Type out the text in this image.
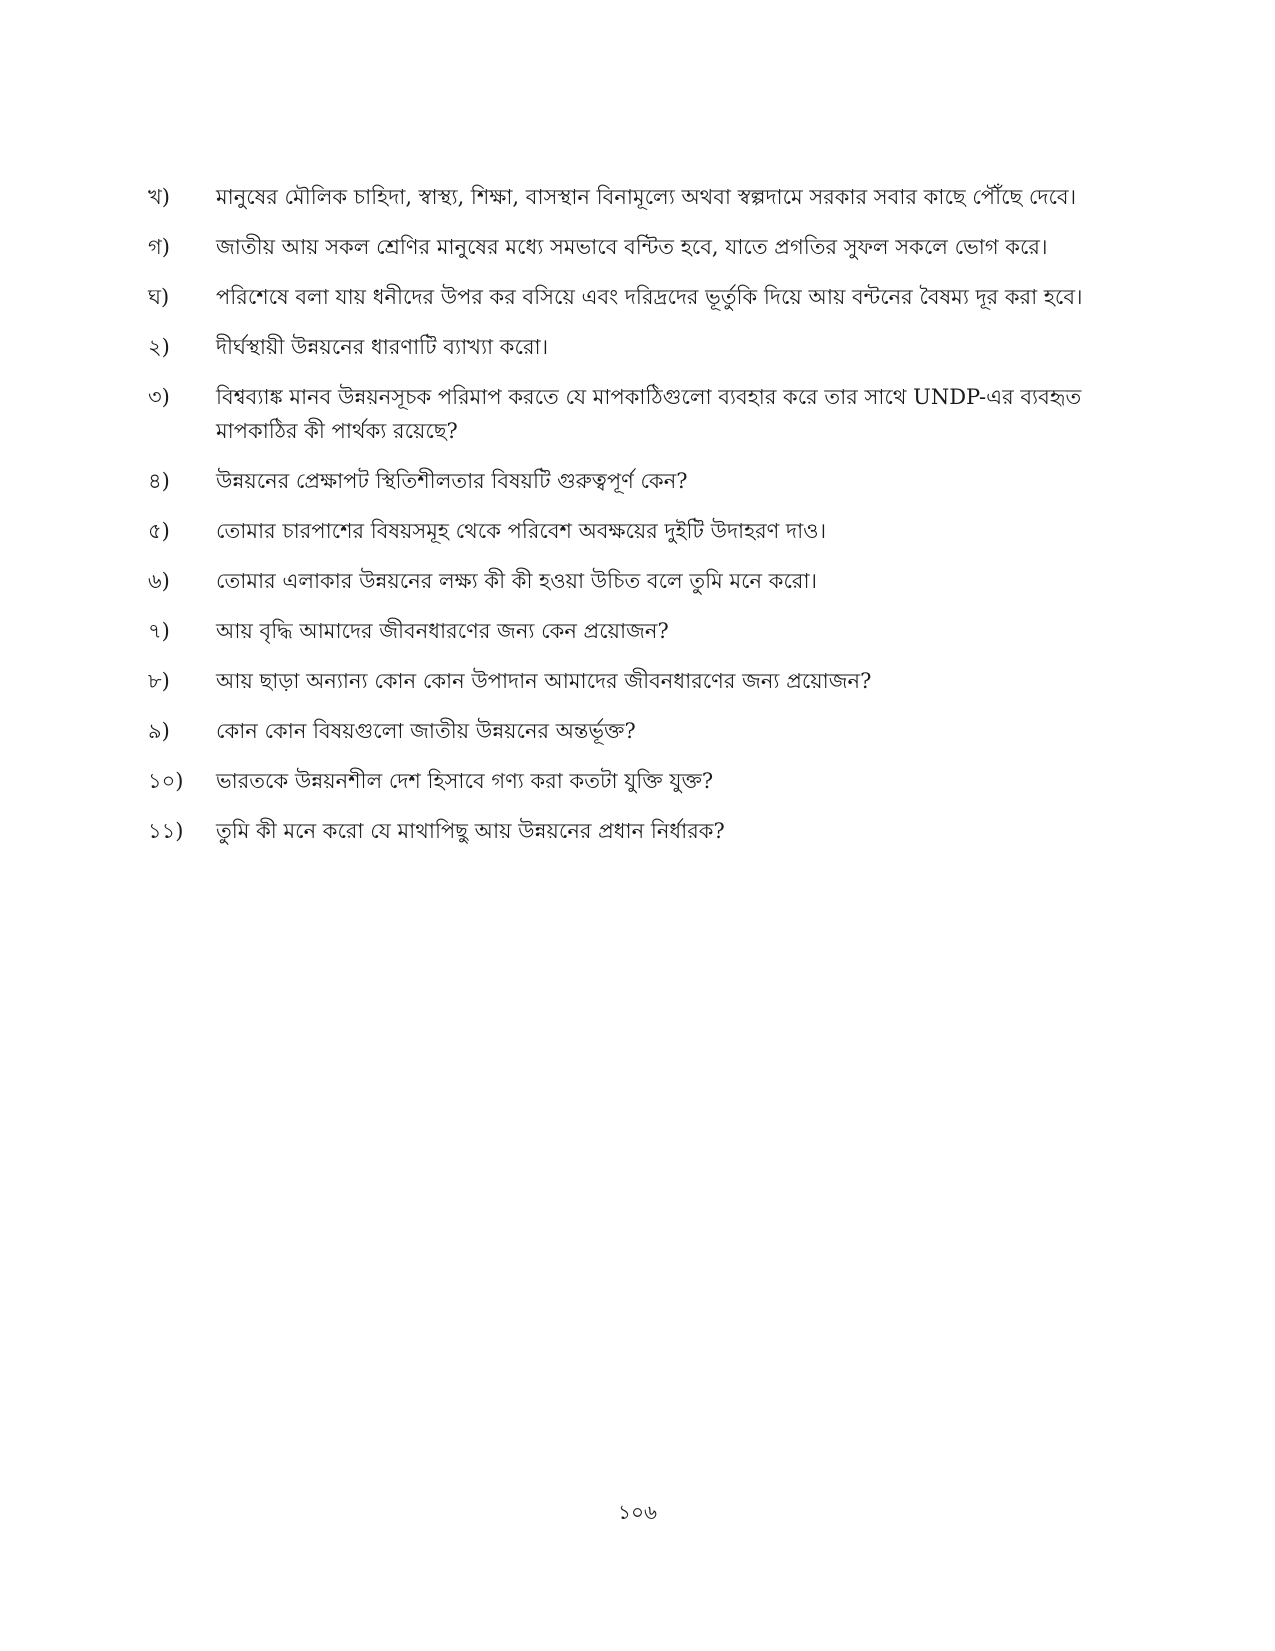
খ)	মানুষের মৌলিক চাহিদা, স্বাস্থ্য, শিক্ষা, বাসস্থান বিনামূল্যে অথবা স্বল্পদামে সরকার সবার কাছে পৌঁছে দেবে।
গ)	জাতীয় আয় সকল শ্রেণির মানুষের মধ্যে সমভাবে বন্টিত হবে, যাতে প্রগতির সুফল সকলে ভোগ করে।
ঘ)	পরিশেষে বলা যায় ধনীদের উপর কর বসিয়ে এবং দরিদ্রদের ভূর্তুকি দিয়ে আয় বন্টনের বৈষম্য দূর করা হবে।
২)	দীর্ঘস্থায়ী উন্নয়নের ধারণাটি ব্যাখ্যা করো।
৩)	বিশ্বব্যাঙ্ক মানব উন্নয়নসূচক পরিমাপ করতে যে মাপকাঠিগুলো ব্যবহার করে তার সাথে UNDP-এর ব্যবহৃত মাপকাঠির কী পার্থক্য রয়েছে?
৪)	উন্নয়নের প্রেক্ষাপট স্থিতিশীলতার বিষয়টি গুরুত্বপূর্ণ কেন?
৫)	তোমার চারপাশের বিষয়সমূহ থেকে পরিবেশ অবক্ষয়ের দুইটি উদাহরণ দাও।
৬)	তোমার এলাকার উন্নয়নের লক্ষ্য কী কী হওয়া উচিত বলে তুমি মনে করো।
৭)	আয় বৃদ্ধি আমাদের জীবনধারণের জন্য কেন প্রয়োজন?
৮)	আয় ছাড়া অন্যান্য কোন কোন উপাদান আমাদের জীবনধারণের জন্য প্রয়োজন?
৯)	কোন কোন বিষয়গুলো জাতীয় উন্নয়নের অন্তর্ভূক্ত?
১০)	ভারতকে উন্নয়নশীল দেশ হিসাবে গণ্য করা কতটা যুক্তি যুক্ত?
১১)	তুমি কী মনে করো যে মাথাপিছু আয় উন্নয়নের প্রধান নির্ধারক?
১০৬
